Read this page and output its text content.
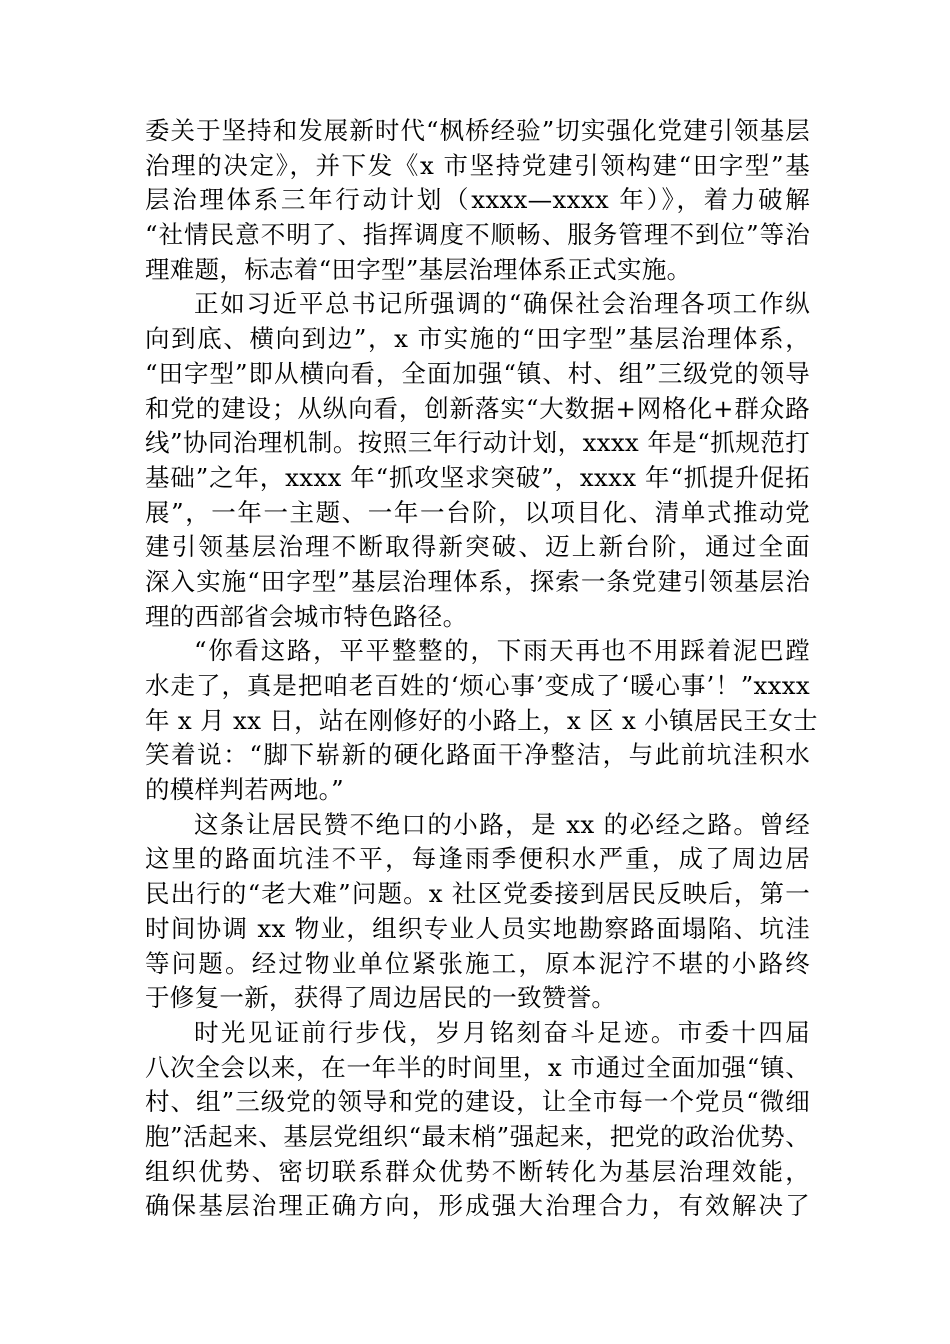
委关于坚持和发展新时代“枫桥经验”切实强化党建引领基层
治理的决定》，并下发《x 市坚持党建引领构建“田字型”基
层治理体系三年行动计划（xxxx—xxxx 年）》，着力破解
“社情民意不明了、指挥调度不顺畅、服务管理不到位”等治
理难题，标志着“田字型”基层治理体系正式实施。
正如习近平总书记所强调的“确保社会治理各项工作纵
向到底、横向到边”，x 市实施的“田字型”基层治理体系，
“田字型”即从横向看，全面加强“镇、村、组”三级党的领导
和党的建设；从纵向看，创新落实“大数据+网格化+群众路
线”协同治理机制。按照三年行动计划，xxxx 年是“抓规范打
基础”之年，xxxx 年“抓攻坚求突破”，xxxx 年“抓提升促拓
展”，一年一主题、一年一台阶，以项目化、清单式推动党
建引领基层治理不断取得新突破、迈上新台阶，通过全面
深入实施“田字型”基层治理体系，探索一条党建引领基层治
理的西部省会城市特色路径。
“你看这路，平平整整的，下雨天再也不用踩着泥巴蹚
水走了，真是把咱老百姓的‘烦心事’变成了‘暖心事’！”xxxx
年 x 月 xx 日，站在刚修好的小路上，x 区 x 小镇居民王女士
笑着说：“脚下崭新的硬化路面干净整洁，与此前坑洼积水
的模样判若两地。”
这条让居民赞不绝口的小路，是 xx 的必经之路。曾经
这里的路面坑洼不平，每逢雨季便积水严重，成了周边居
民出行的“老大难”问题。x 社区党委接到居民反映后，第一
时间协调 xx 物业，组织专业人员实地勘察路面塌陷、坑洼
等问题。经过物业单位紧张施工，原本泥泞不堪的小路终
于修复一新，获得了周边居民的一致赞誉。
时光见证前行步伐，岁月铭刻奋斗足迹。市委十四届
八次全会以来，在一年半的时间里，x 市通过全面加强“镇、
村、组”三级党的领导和党的建设，让全市每一个党员“微细
胞”活起来、基层党组织“最末梢”强起来，把党的政治优势、
组织优势、密切联系群众优势不断转化为基层治理效能，
确保基层治理正确方向，形成强大治理合力，有效解决了
